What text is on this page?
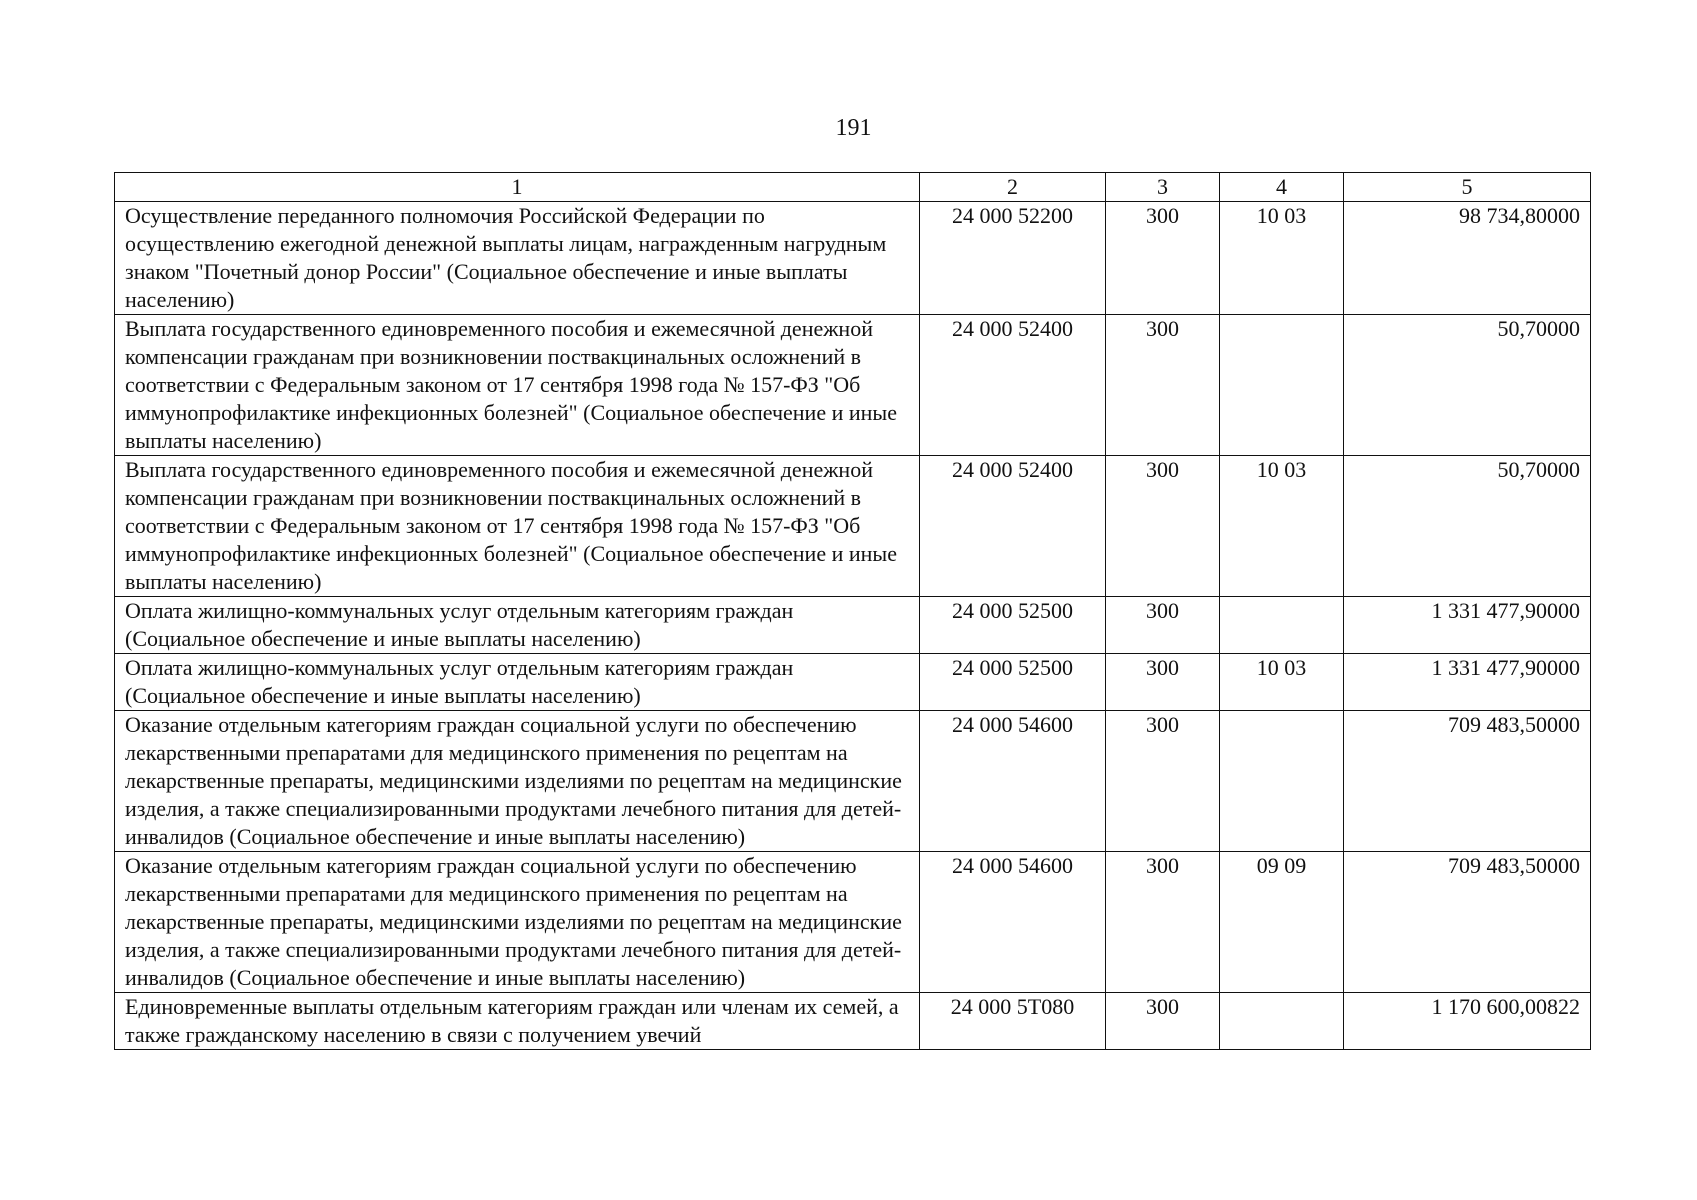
191
1	2	3	4	5
Осуществление переданного полномочия Российской Федерации по осуществлению ежегодной денежной выплаты лицам, награжденным нагрудным знаком "Почетный донор России" (Социальное обеспечение и иные выплаты населению)	24 000 52200	300	10 03	98 734,80000
Выплата государственного единовременного пособия и ежемесячной денежной компенсации гражданам при возникновении поствакцинальных осложнений в соответствии с Федеральным законом от 17 сентября 1998 года № 157-ФЗ "Об иммунопрофилактике инфекционных болезней" (Социальное обеспечение и иные выплаты населению)	24 000 52400	300		50,70000
Выплата государственного единовременного пособия и ежемесячной денежной компенсации гражданам при возникновении поствакцинальных осложнений в соответствии с Федеральным законом от 17 сентября 1998 года № 157-ФЗ "Об иммунопрофилактике инфекционных болезней" (Социальное обеспечение и иные выплаты населению)	24 000 52400	300	10 03	50,70000
Оплата жилищно-коммунальных услуг отдельным категориям граждан (Социальное обеспечение и иные выплаты населению)	24 000 52500	300		1 331 477,90000
Оплата жилищно-коммунальных услуг отдельным категориям граждан (Социальное обеспечение и иные выплаты населению)	24 000 52500	300	10 03	1 331 477,90000
Оказание отдельным категориям граждан социальной услуги по обеспечению лекарственными препаратами для медицинского применения по рецептам на лекарственные препараты, медицинскими изделиями по рецептам на медицинские изделия, а также специализированными продуктами лечебного питания для детей-инвалидов (Социальное обеспечение и иные выплаты населению)	24 000 54600	300		709 483,50000
Оказание отдельным категориям граждан социальной услуги по обеспечению лекарственными препаратами для медицинского применения по рецептам на лекарственные препараты, медицинскими изделиями по рецептам на медицинские изделия, а также специализированными продуктами лечебного питания для детей-инвалидов (Социальное обеспечение и иные выплаты населению)	24 000 54600	300	09 09	709 483,50000
Единовременные выплаты отдельным категориям граждан или членам их семей, а также гражданскому населению в связи с получением увечий	24 000 5Т080	300		1 170 600,00822
